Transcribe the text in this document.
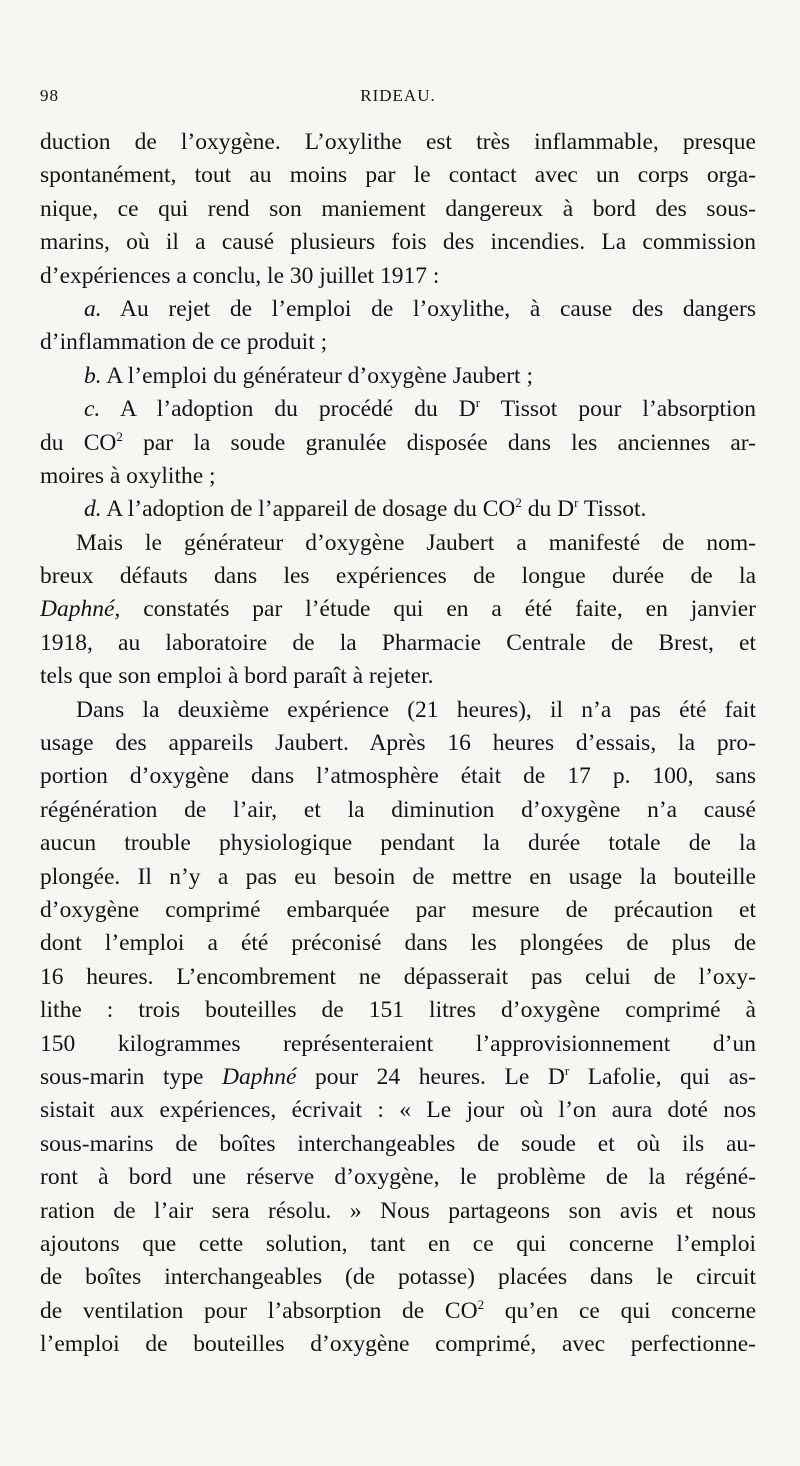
98	RIDEAU.
duction de l’oxygène. L’oxylithe est très inflammable, presque
spontanément, tout au moins par le contact avec un corps orga-
nique, ce qui rend son maniement dangereux à bord des sous-
marins, où il a causé plusieurs fois des incendies. La commission
d’expériences a conclu, le 30 juillet 1917 :
a. Au rejet de l’emploi de l’oxylithe, à cause des dangers
d’inflammation de ce produit ;
b. A l’emploi du générateur d’oxygène Jaubert ;
c. A l’adoption du procédé du $D^r$ Tissot pour l’absorption
du $CO^2$ par la soude granulée disposée dans les anciennes ar-
moires à oxylithe ;
d. A l’adoption de l’appareil de dosage du $CO^2$ du $D^r$ Tissot.
Mais le générateur d’oxygène Jaubert a manifesté de nom-
breux défauts dans les expériences de longue durée de la
Daphné, constatés par l’étude qui en a été faite, en janvier
1918, au laboratoire de la Pharmacie Centrale de Brest, et
tels que son emploi à bord paraît à rejeter.
Dans la deuxième expérience (21 heures), il n’a pas été fait
usage des appareils Jaubert. Après 16 heures d’essais, la pro-
portion d’oxygène dans l’atmosphère était de 17 p. 100, sans
régénération de l’air, et la diminution d’oxygène n’a causé
aucun trouble physiologique pendant la durée totale de la
plongée. Il n’y a pas eu besoin de mettre en usage la bouteille
d’oxygène comprimé embarquée par mesure de précaution et
dont l’emploi a été préconisé dans les plongées de plus de
16 heures. L’encombrement ne dépasserait pas celui de l’oxy-
lithe : trois bouteilles de 151 litres d’oxygène comprimé à
150 kilogrammes représenteraient l’approvisionnement d’un
sous-marin type Daphné pour 24 heures. Le $D^r$ Lafolie, qui as-
sistait aux expériences, écrivait : « Le jour où l’on aura doté nos
sous-marins de boîtes interchangeables de soude et où ils au-
ront à bord une réserve d’oxygène, le problème de la régéné-
ration de l’air sera résolu. » Nous partageons son avis et nous
ajoutons que cette solution, tant en ce qui concerne l’emploi
de boîtes interchangeables (de potasse) placées dans le circuit
de ventilation pour l’absorption de $CO^2$ qu’en ce qui concerne
l’emploi de bouteilles d’oxygène comprimé, avec perfectionne-
